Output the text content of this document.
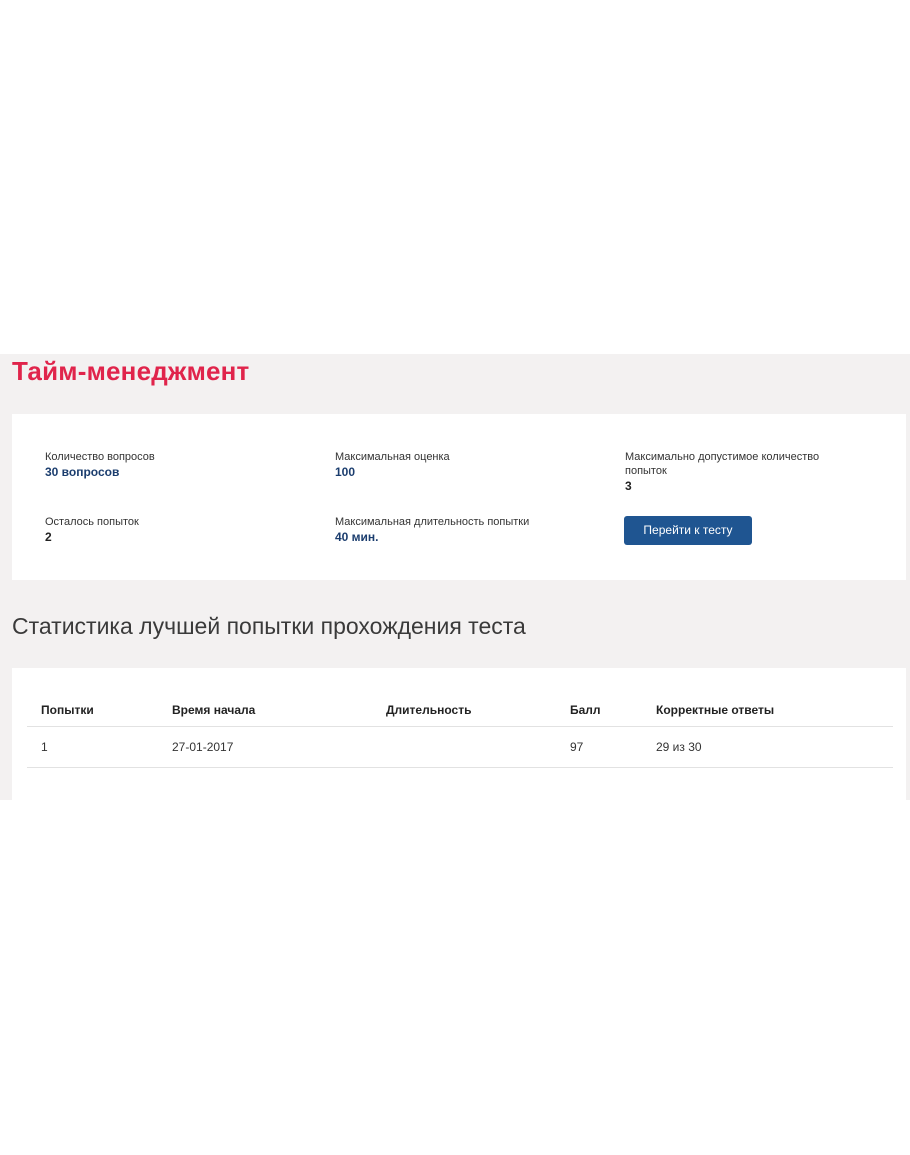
Тайм-менеджмент
Количество вопросов
30 вопросов
Максимальная оценка
100
Максимально допустимое количество попыток
3
Осталось попыток
2
Максимальная длительность попытки
40 мин.	Перейти к тесту
Статистика лучшей попытки прохождения теста
Попытки	Время начала	Длительность	Балл	Корректные ответы
1	27-01-2017		97	29 из 30
